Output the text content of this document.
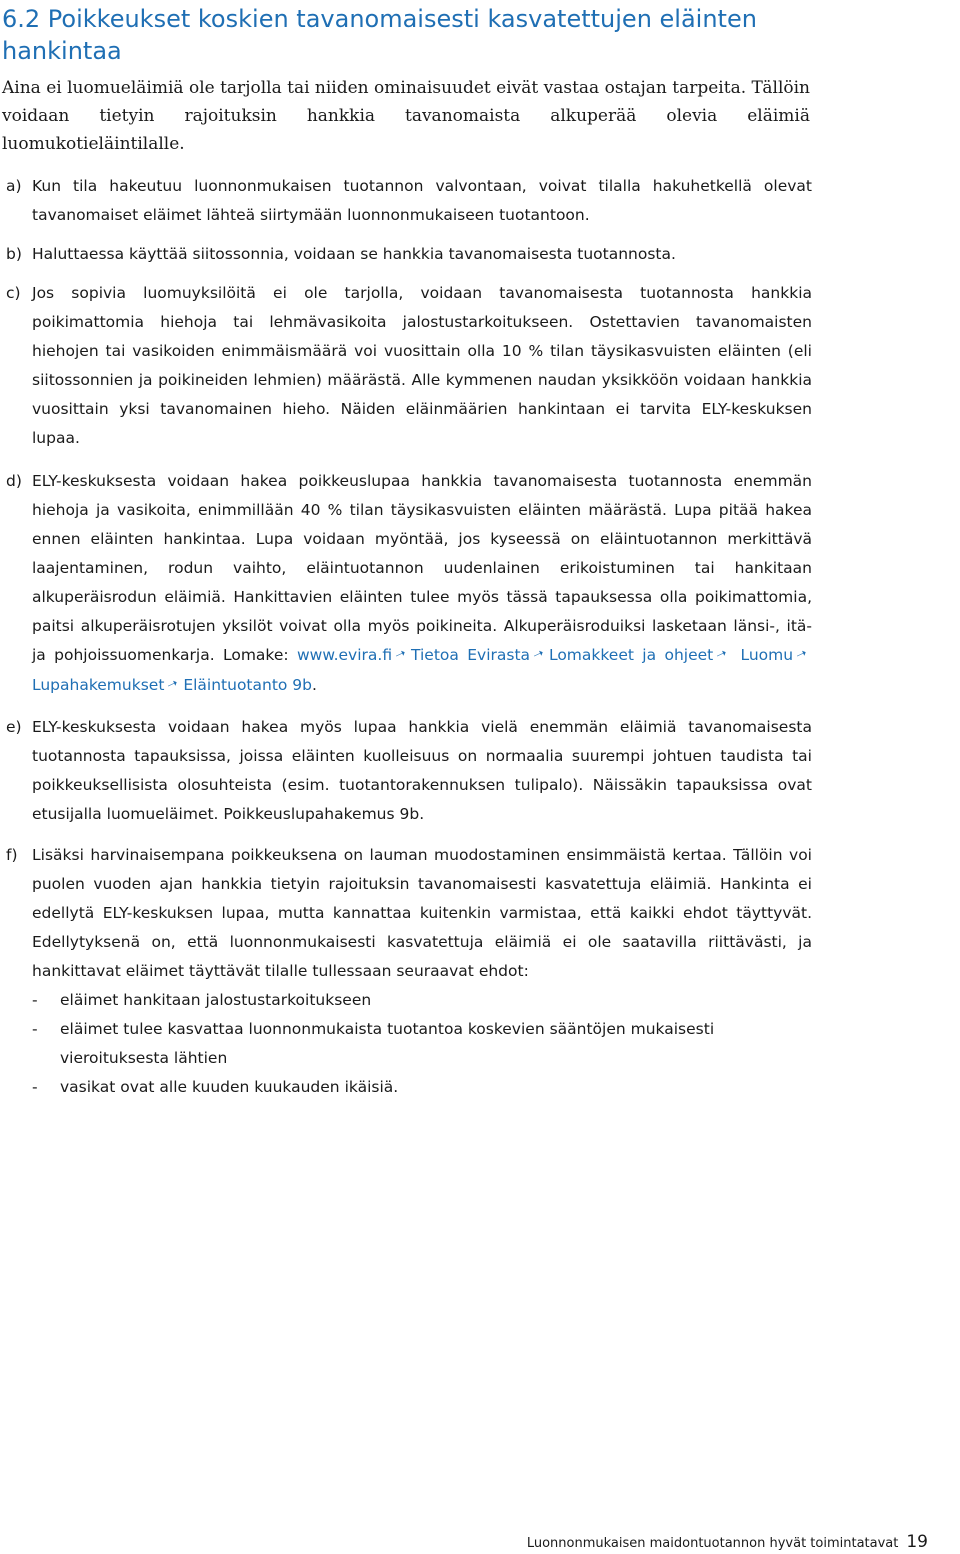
6.2 Poikkeukset koskien tavanomaisesti kasvatettujen eläinten hankintaa

Aina ei luomueläimiä ole tarjolla tai niiden ominaisuudet eivät vastaa ostajan tarpeita. Tällöin voidaan tietyin rajoituksin hankkia tavanomaista alkuperää olevia eläimiä luomukotieläintilalle.

a) Kun tila hakeutuu luonnonmukaisen tuotannon valvontaan, voivat tilalla hakuhetkellä olevat tavanomaiset eläimet lähteä siirtymään luonnonmukaiseen tuotantoon.

b) Haluttaessa käyttää siitossonnia, voidaan se hankkia tavanomaisesta tuotannosta.

c) Jos sopivia luomuyksilöitä ei ole tarjolla, voidaan tavanomaisesta tuotannosta hankkia poikimattomia hiehoja tai lehmävasikoita jalostustarkoitukseen. Ostettavien tavanomaisten hiehojen tai vasikoiden enimmäismäärä voi vuosittain olla 10 % tilan täysikasvuisten eläinten (eli siitossonnien ja poikineiden lehmien) määrästä. Alle kymmenen naudan yksikköön voidaan hankkia vuosittain yksi tavanomainen hieho. Näiden eläinmäärien hankintaan ei tarvita ELY-keskuksen lupaa.

d) ELY-keskuksesta voidaan hakea poikkeuslupaa hankkia tavanomaisesta tuotannosta enemmän hiehoja ja vasikoita, enimmillään 40 % tilan täysikasvuisten eläinten määrästä. Lupa pitää hakea ennen eläinten hankintaa. Lupa voidaan myöntää, jos kyseessä on eläintuotannon merkittävä laajentaminen, rodun vaihto, eläintuotannon uudenlainen erikoistuminen tai hankitaan alkuperäisrodun eläimiä. Hankittavien eläinten tulee myös tässä tapauksessa olla poikimattomia, paitsi alkuperäisrotujen yksilöt voivat olla myös poikineita. Alkuperäisroduiksi lasketaan länsi-, itä- ja pohjoissuomenkarja. Lomake: www.evira.fi➝ Tietoa Evirasta➝ Lomakkeet ja ohjeet➝ Luomu➝Lupahakemukset➝ Eläintuotanto 9b.

e) ELY-keskuksesta voidaan hakea myös lupaa hankkia vielä enemmän eläimiä tavanomaisesta tuotannosta tapauksissa, joissa eläinten kuolleisuus on normaalia suurempi johtuen taudista tai poikkeuksellisista olosuhteista (esim. tuotantorakennuksen tulipalo). Näissäkin tapauksissa ovat etusijalla luomueläimet. Poikkeuslupahakemus 9b.

f) Lisäksi harvinaisempana poikkeuksena on lauman muodostaminen ensimmäistä kertaa. Tällöin voi puolen vuoden ajan hankkia tietyin rajoituksin tavanomaisesti kasvatettuja eläimiä. Hankinta ei edellytä ELY-keskuksen lupaa, mutta kannattaa kuitenkin varmistaa, että kaikki ehdot täyttyvät. Edellytyksenä on, että luonnonmukaisesti kasvatettuja eläimiä ei ole saatavilla riittävästi, ja hankittavat eläimet täyttävät tilalle tullessaan seuraavat ehdot:

- eläimet hankitaan jalostustarkoitukseen
- eläimet tulee kasvattaa luonnonmukaista tuotantoa koskevien sääntöjen mukaisesti vieroituksesta lähtien
- vasikat ovat alle kuuden kuukauden ikäisiä.
Luonnonmukaisen maidontuotannon hyvät toimintatavat 19
